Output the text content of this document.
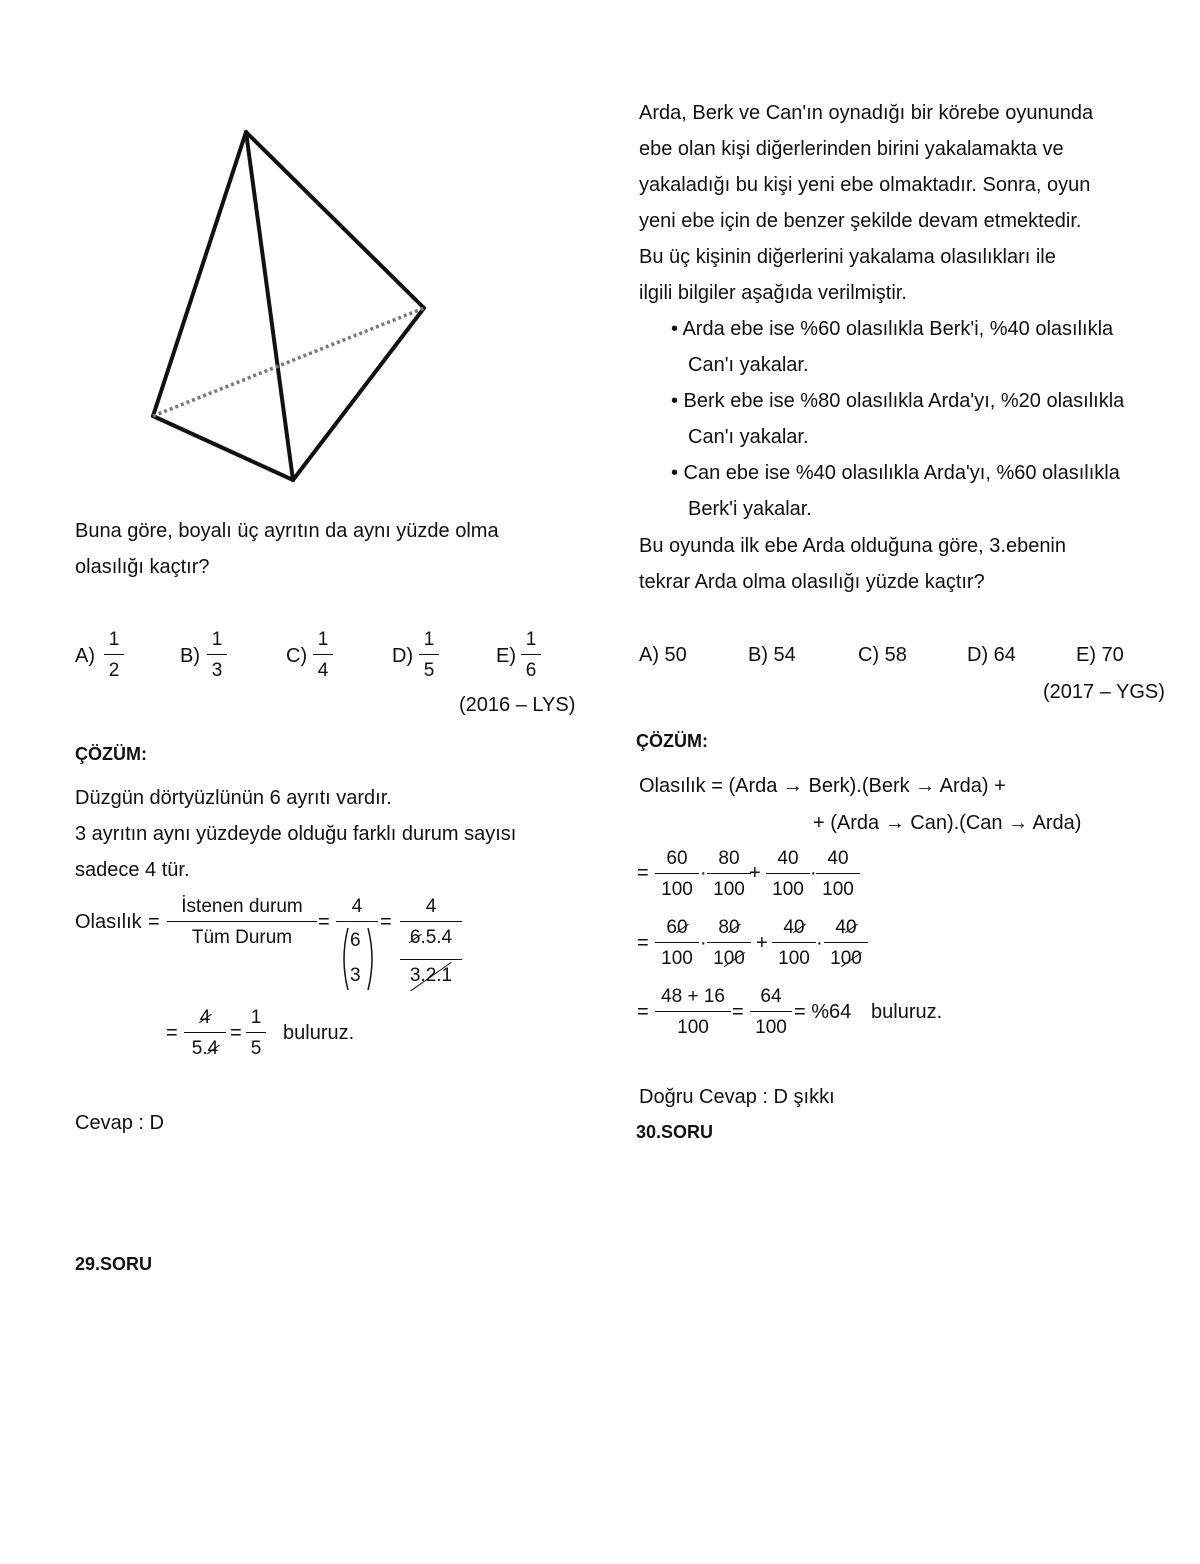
Buna göre, boyalı üç ayrıtın da aynı yüzde olma
olasılığı kaçtır?
A)
1
2
B)
1
3
C)
1
4
D)
1
5
E)
1
6
(2016 – LYS)
ÇÖZÜM:
Düzgün dörtyüzlünün 6 ayrıtı vardır.
3 ayrıtın aynı yüzdeyde olduğu farklı durum sayısı
sadece 4 tür.
Olasılık =
İstenen durum
Tüm Durum
=
4
6
3
=
4
6.5.4
3.2.1
=
4
5.4
=
1
5
buluruz.
Cevap : D
29.SORU
Arda, Berk ve Can'ın oynadığı bir körebe oyununda
ebe olan kişi diğerlerinden birini yakalamakta ve
yakaladığı bu kişi yeni ebe olmaktadır. Sonra, oyun
yeni ebe için de benzer şekilde devam etmektedir.
Bu üç kişinin diğerlerini yakalama olasılıkları ile
ilgili bilgiler aşağıda verilmiştir.
• Arda ebe ise %60 olasılıkla Berk'i, %40 olasılıkla
Can'ı yakalar.
• Berk ebe ise %80 olasılıkla Arda'yı, %20 olasılıkla
Can'ı yakalar.
• Can ebe ise %40 olasılıkla Arda'yı, %60 olasılıkla
Berk'i yakalar.
Bu oyunda ilk ebe Arda olduğuna göre, 3.ebenin
tekrar Arda olma olasılığı yüzde kaçtır?
A) 50	B) 54	C) 58	D) 64	E) 70
(2017 – YGS)
ÇÖZÜM:
Olasılık = (Arda → Berk).(Berk → Arda) +
+ (Arda → Can).(Can → Arda)
=
60
100
·
80
100
+
40
100
·
40
100
=
60
100
·
80
100
+
40
100
·
40
100
=
48 + 16
100
=
64
100
= %64 buluruz.
Doğru Cevap : D şıkkı
30.SORU
